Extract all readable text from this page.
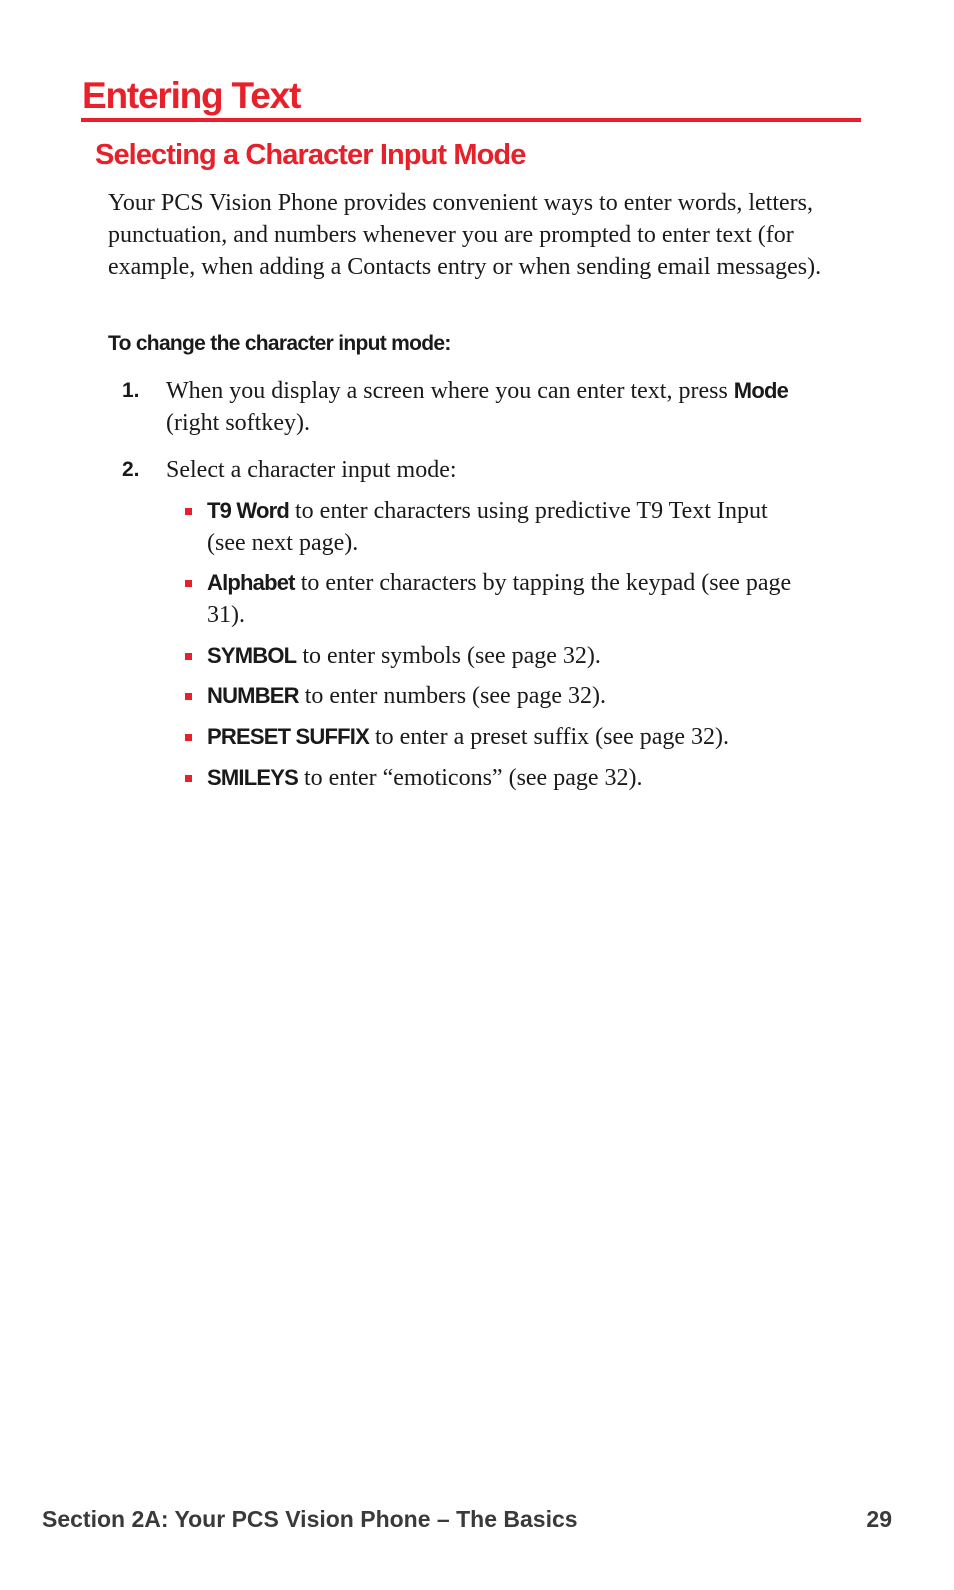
Entering Text
Selecting a Character Input Mode

Your PCS Vision Phone provides convenient ways to enter words, letters, punctuation, and numbers whenever you are prompted to enter text (for example, when adding a Contacts entry or when sending email messages).

To change the character input mode:

1. When you display a screen where you can enter text, press Mode (right softkey).
2. Select a character input mode:
T9 Word to enter characters using predictive T9 Text Input (see next page).
Alphabet to enter characters by tapping the keypad (see page 31).
SYMBOL to enter symbols (see page 32).
NUMBER to enter numbers (see page 32).
PRESET SUFFIX to enter a preset suffix (see page 32).
SMILEYS to enter “emoticons” (see page 32).
Section 2A: Your PCS Vision Phone – The Basics	29
